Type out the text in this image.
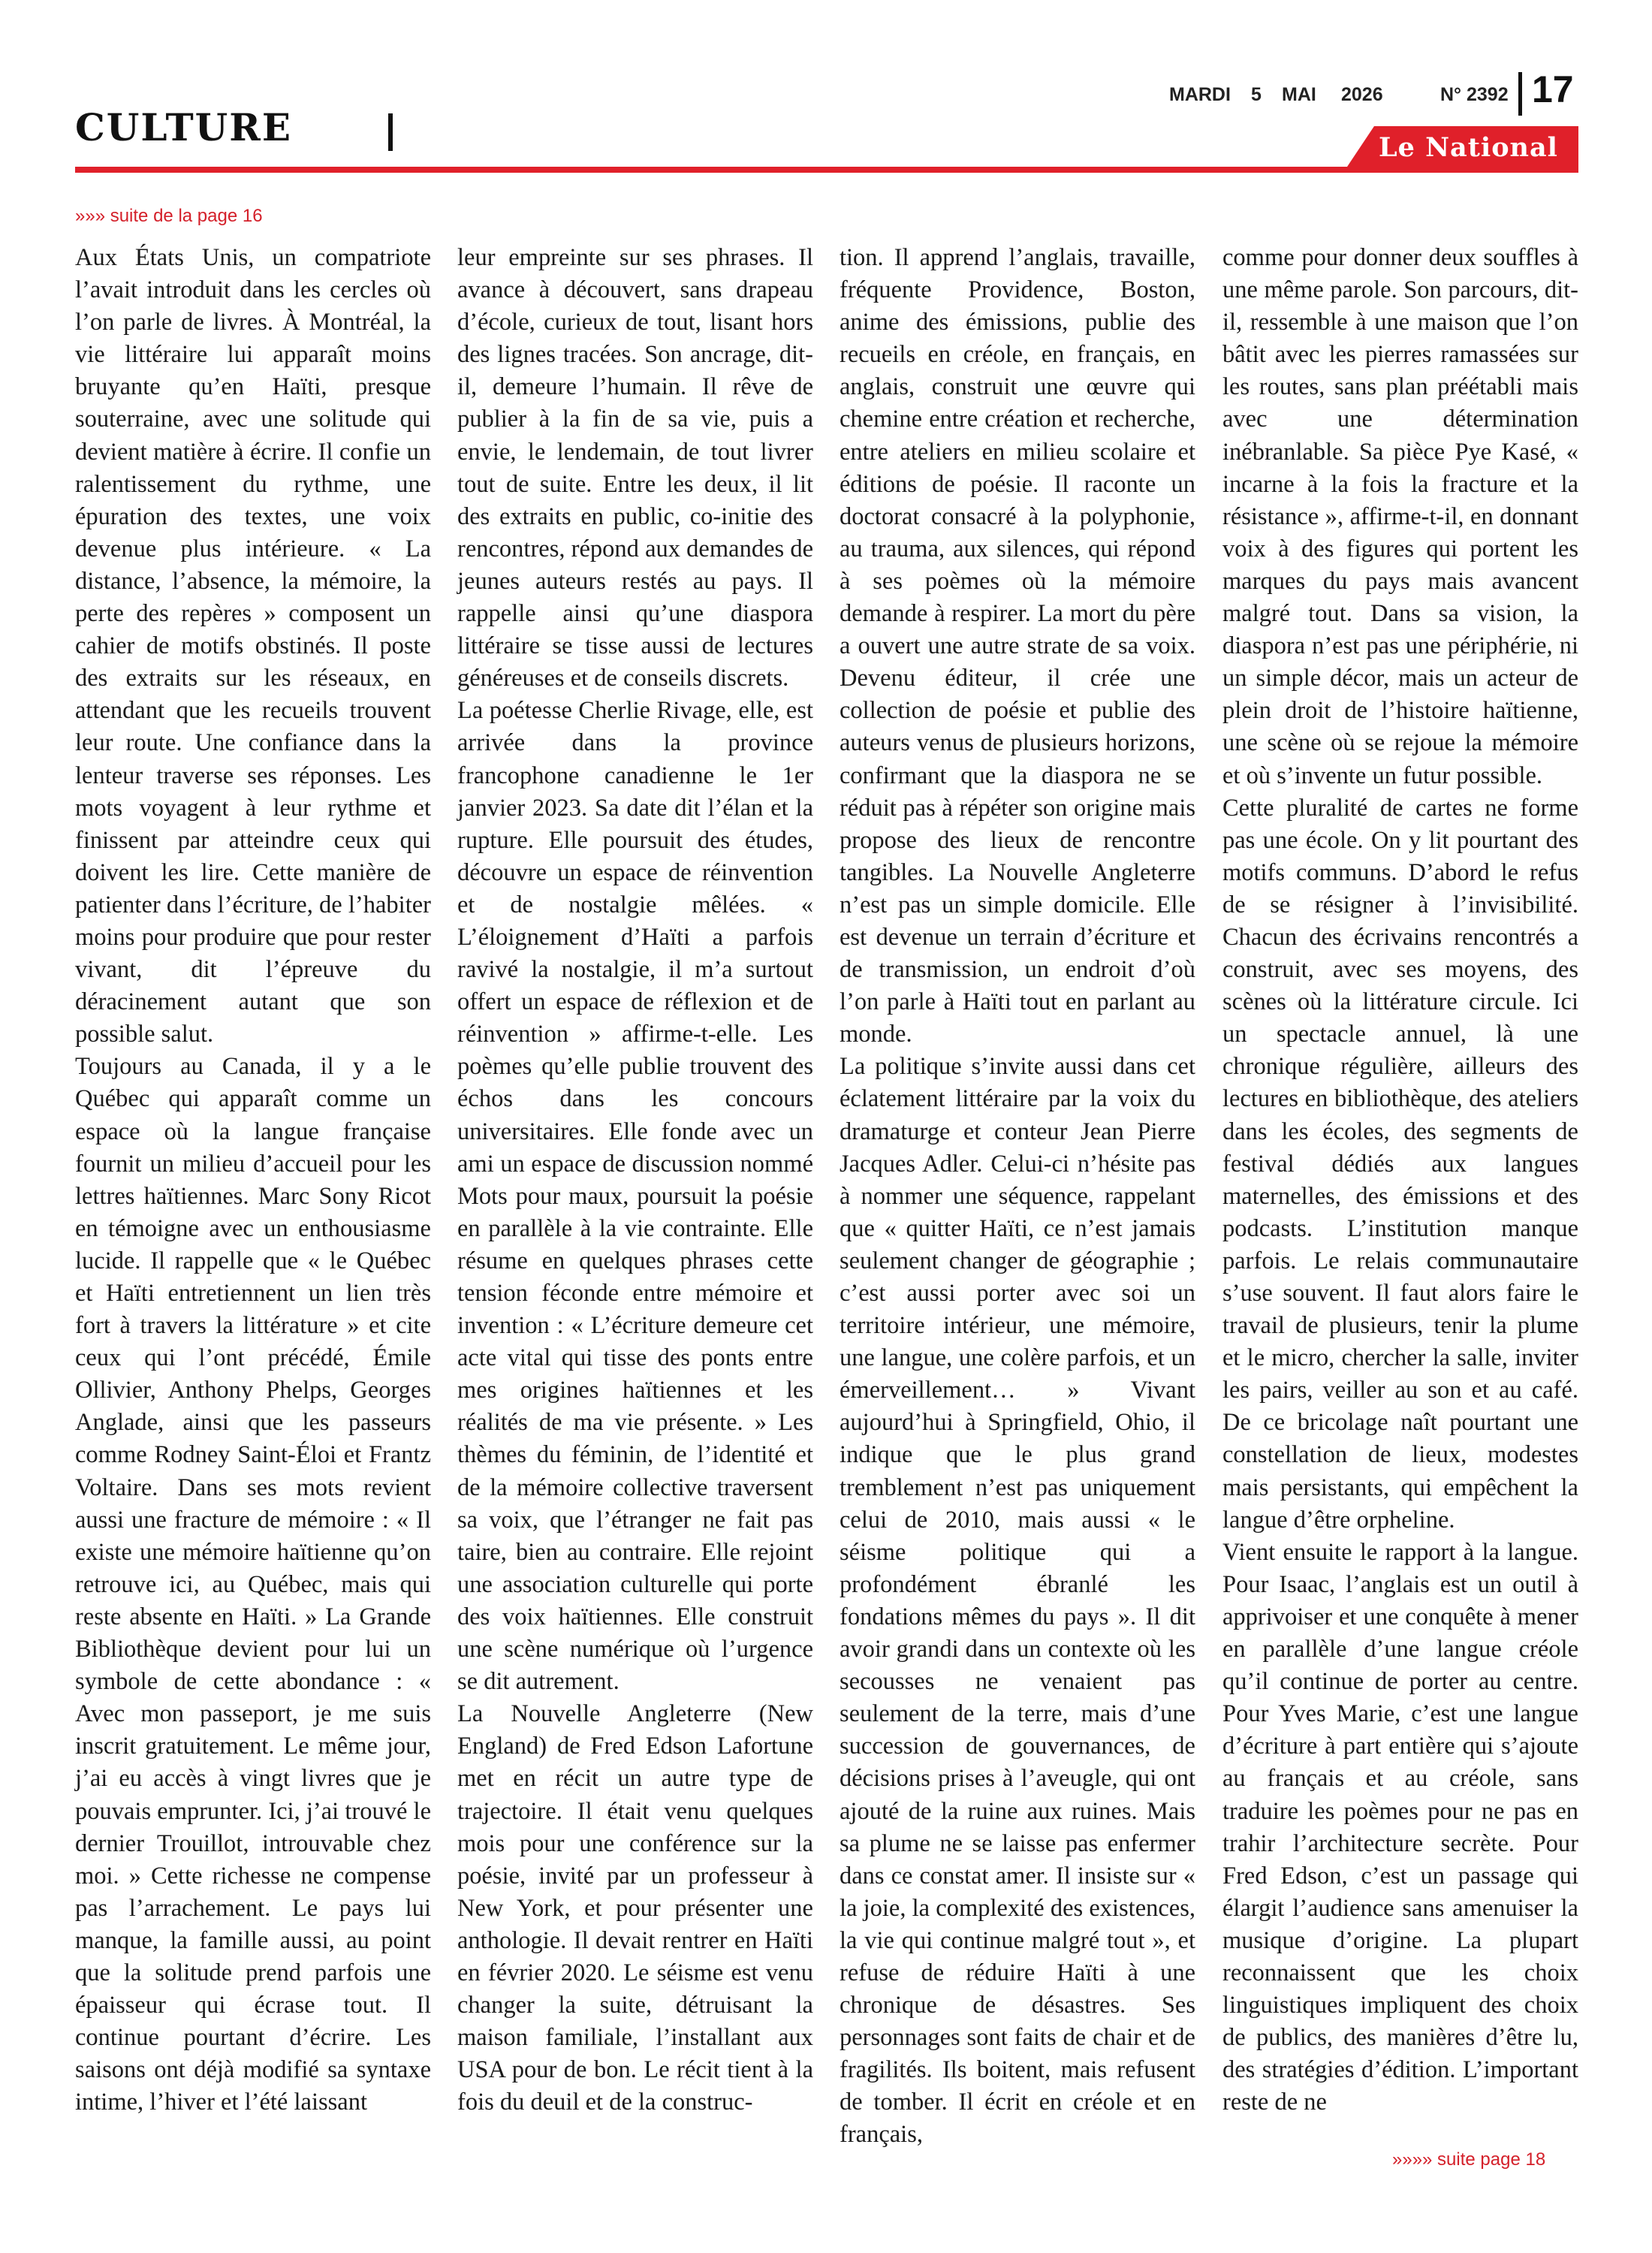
CULTURE
MARDI 5 MAI 2026	N° 2392 17
Le National
»»» suite de la page 16

Aux États Unis, un compatriote l’avait introduit dans les cercles où l’on parle de livres. À Montréal, la vie littéraire lui apparaît moins bruyante qu’en Haïti, presque souterraine, avec une solitude qui devient matière à écrire. Il confie un ralentissement du rythme, une épuration des textes, une voix devenue plus intérieure. « La distance, l’absence, la mémoire, la perte des repères » composent un cahier de motifs obstinés. Il poste des extraits sur les réseaux, en attendant que les recueils trouvent leur route. Une confiance dans la lenteur traverse ses réponses. Les mots voyagent à leur rythme et finissent par atteindre ceux qui doivent les lire. Cette manière de patienter dans l’écriture, de l’habiter moins pour produire que pour rester vivant, dit l’épreuve du déracinement autant que son possible salut.

Toujours au Canada, il y a le Québec qui apparaît comme un espace où la langue française fournit un milieu d’accueil pour les lettres haïtiennes. Marc Sony Ricot en témoigne avec un enthousiasme lucide. Il rappelle que « le Québec et Haïti entretiennent un lien très fort à travers la littérature » et cite ceux qui l’ont précédé, Émile Ollivier, Anthony Phelps, Georges Anglade, ainsi que les passeurs comme Rodney Saint-Éloi et Frantz Voltaire. Dans ses mots revient aussi une fracture de mémoire : « Il existe une mémoire haïtienne qu’on retrouve ici, au Québec, mais qui reste absente en Haïti. » La Grande Bibliothèque devient pour lui un symbole de cette abondance : « Avec mon passeport, je me suis inscrit gratuitement. Le même jour, j’ai eu accès à vingt livres que je pouvais emprunter. Ici, j’ai trouvé le dernier Trouillot, introuvable chez moi. » Cette richesse ne compense pas l’arrachement. Le pays lui manque, la famille aussi, au point que la solitude prend parfois une épaisseur qui écrase tout. Il continue pourtant d’écrire. Les saisons ont déjà modifié sa syntaxe intime, l’hiver et l’été laissant

leur empreinte sur ses phrases. Il avance à découvert, sans drapeau d’école, curieux de tout, lisant hors des lignes tracées. Son ancrage, dit-il, demeure l’humain. Il rêve de publier à la fin de sa vie, puis a envie, le lendemain, de tout livrer tout de suite. Entre les deux, il lit des extraits en public, co-initie des rencontres, répond aux demandes de jeunes auteurs restés au pays. Il rappelle ainsi qu’une diaspora littéraire se tisse aussi de lectures généreuses et de conseils discrets.

La poétesse Cherlie Rivage, elle, est arrivée dans la province francophone canadienne le 1er janvier 2023. Sa date dit l’élan et la rupture. Elle poursuit des études, découvre un espace de réinvention et de nostalgie mêlées. « L’éloignement d’Haïti a parfois ravivé la nostalgie, il m’a surtout offert un espace de réflexion et de réinvention » affirme-t-elle. Les poèmes qu’elle publie trouvent des échos dans les concours universitaires. Elle fonde avec un ami un espace de discussion nommé Mots pour maux, poursuit la poésie en parallèle à la vie contrainte. Elle résume en quelques phrases cette tension féconde entre mémoire et invention : « L’écriture demeure cet acte vital qui tisse des ponts entre mes origines haïtiennes et les réalités de ma vie présente. » Les thèmes du féminin, de l’identité et de la mémoire collective traversent sa voix, que l’étranger ne fait pas taire, bien au contraire. Elle rejoint une association culturelle qui porte des voix haïtiennes. Elle construit une scène numérique où l’urgence se dit autrement.

La Nouvelle Angleterre (New England) de Fred Edson Lafortune met en récit un autre type de trajectoire. Il était venu quelques mois pour une conférence sur la poésie, invité par un professeur à New York, et pour présenter une anthologie. Il devait rentrer en Haïti en février 2020. Le séisme est venu changer la suite, détruisant la maison familiale, l’installant aux USA pour de bon. Le récit tient à la fois du deuil et de la construc-

tion. Il apprend l’anglais, travaille, fréquente Providence, Boston, anime des émissions, publie des recueils en créole, en français, en anglais, construit une œuvre qui chemine entre création et recherche, entre ateliers en milieu scolaire et éditions de poésie. Il raconte un doctorat consacré à la polyphonie, au trauma, aux silences, qui répond à ses poèmes où la mémoire demande à respirer. La mort du père a ouvert une autre strate de sa voix. Devenu éditeur, il crée une collection de poésie et publie des auteurs venus de plusieurs horizons, confirmant que la diaspora ne se réduit pas à répéter son origine mais propose des lieux de rencontre tangibles. La Nouvelle Angleterre n’est pas un simple domicile. Elle est devenue un terrain d’écriture et de transmission, un endroit d’où l’on parle à Haïti tout en parlant au monde.

La politique s’invite aussi dans cet éclatement littéraire par la voix du dramaturge et conteur Jean Pierre Jacques Adler. Celui-ci n’hésite pas à nommer une séquence, rappelant que « quitter Haïti, ce n’est jamais seulement changer de géographie ; c’est aussi porter avec soi un territoire intérieur, une mémoire, une langue, une colère parfois, et un émerveillement… » Vivant aujourd’hui à Springfield, Ohio, il indique que le plus grand tremblement n’est pas uniquement celui de 2010, mais aussi « le séisme politique qui a profondément ébranlé les fondations mêmes du pays ». Il dit avoir grandi dans un contexte où les secousses ne venaient pas seulement de la terre, mais d’une succession de gouvernances, de décisions prises à l’aveugle, qui ont ajouté de la ruine aux ruines. Mais sa plume ne se laisse pas enfermer dans ce constat amer. Il insiste sur « la joie, la complexité des existences, la vie qui continue malgré tout », et refuse de réduire Haïti à une chronique de désastres. Ses personnages sont faits de chair et de fragilités. Ils boitent, mais refusent de tomber. Il écrit en créole et en français,

comme pour donner deux souffles à une même parole. Son parcours, dit-il, ressemble à une maison que l’on bâtit avec les pierres ramassées sur les routes, sans plan préétabli mais avec une détermination inébranlable. Sa pièce Pye Kasé, « incarne à la fois la fracture et la résistance », affirme-t-il, en donnant voix à des figures qui portent les marques du pays mais avancent malgré tout. Dans sa vision, la diaspora n’est pas une périphérie, ni un simple décor, mais un acteur de plein droit de l’histoire haïtienne, une scène où se rejoue la mémoire et où s’invente un futur possible.

Cette pluralité de cartes ne forme pas une école. On y lit pourtant des motifs communs. D’abord le refus de se résigner à l’invisibilité. Chacun des écrivains rencontrés a construit, avec ses moyens, des scènes où la littérature circule. Ici un spectacle annuel, là une chronique régulière, ailleurs des lectures en bibliothèque, des ateliers dans les écoles, des segments de festival dédiés aux langues maternelles, des émissions et des podcasts. L’institution manque parfois. Le relais communautaire s’use souvent. Il faut alors faire le travail de plusieurs, tenir la plume et le micro, chercher la salle, inviter les pairs, veiller au son et au café. De ce bricolage naît pourtant une constellation de lieux, modestes mais persistants, qui empêchent la langue d’être orpheline.

Vient ensuite le rapport à la langue. Pour Isaac, l’anglais est un outil à apprivoiser et une conquête à mener en parallèle d’une langue créole qu’il continue de porter au centre. Pour Yves Marie, c’est une langue d’écriture à part entière qui s’ajoute au français et au créole, sans traduire les poèmes pour ne pas en trahir l’architecture secrète. Pour Fred Edson, c’est un passage qui élargit l’audience sans amenuiser la musique d’origine. La plupart reconnaissent que les choix linguistiques impliquent des choix de publics, des manières d’être lu, des stratégies d’édition. L’important reste de ne

»»»» suite page 18
